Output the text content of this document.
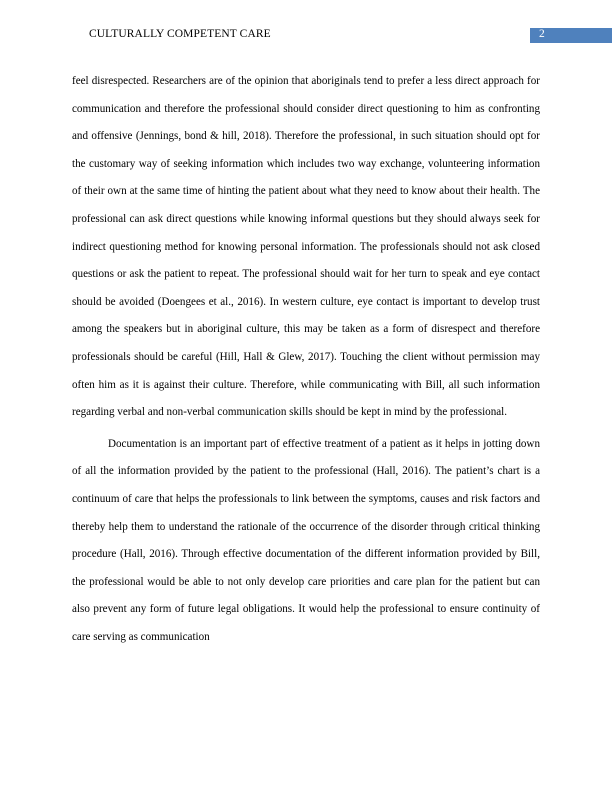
CULTURALLY COMPETENT CARE	2

feel disrespected. Researchers are of the opinion that aboriginals tend to prefer a less direct approach for communication and therefore the professional should consider direct questioning to him as confronting and offensive (Jennings, bond & hill, 2018). Therefore the professional, in such situation should opt for the customary way of seeking information which includes two way exchange, volunteering information of their own at the same time of hinting the patient about what they need to know about their health. The professional can ask direct questions while knowing informal questions but they should always seek for indirect questioning method for knowing personal information. The professionals should not ask closed questions or ask the patient to repeat. The professional should wait for her turn to speak and eye contact should be avoided (Doengees et al., 2016). In western culture, eye contact is important to develop trust among the speakers but in aboriginal culture, this may be taken as a form of disrespect and therefore professionals should be careful (Hill, Hall & Glew, 2017). Touching the client without permission may often him as it is against their culture. Therefore, while communicating with Bill, all such information regarding verbal and non-verbal communication skills should be kept in mind by the professional.

Documentation is an important part of effective treatment of a patient as it helps in jotting down of all the information provided by the patient to the professional (Hall, 2016). The patient’s chart is a continuum of care that helps the professionals to link between the symptoms, causes and risk factors and thereby help them to understand the rationale of the occurrence of the disorder through critical thinking procedure (Hall, 2016). Through effective documentation of the different information provided by Bill, the professional would be able to not only develop care priorities and care plan for the patient but can also prevent any form of future legal obligations. It would help the professional to ensure continuity of care serving as communication
